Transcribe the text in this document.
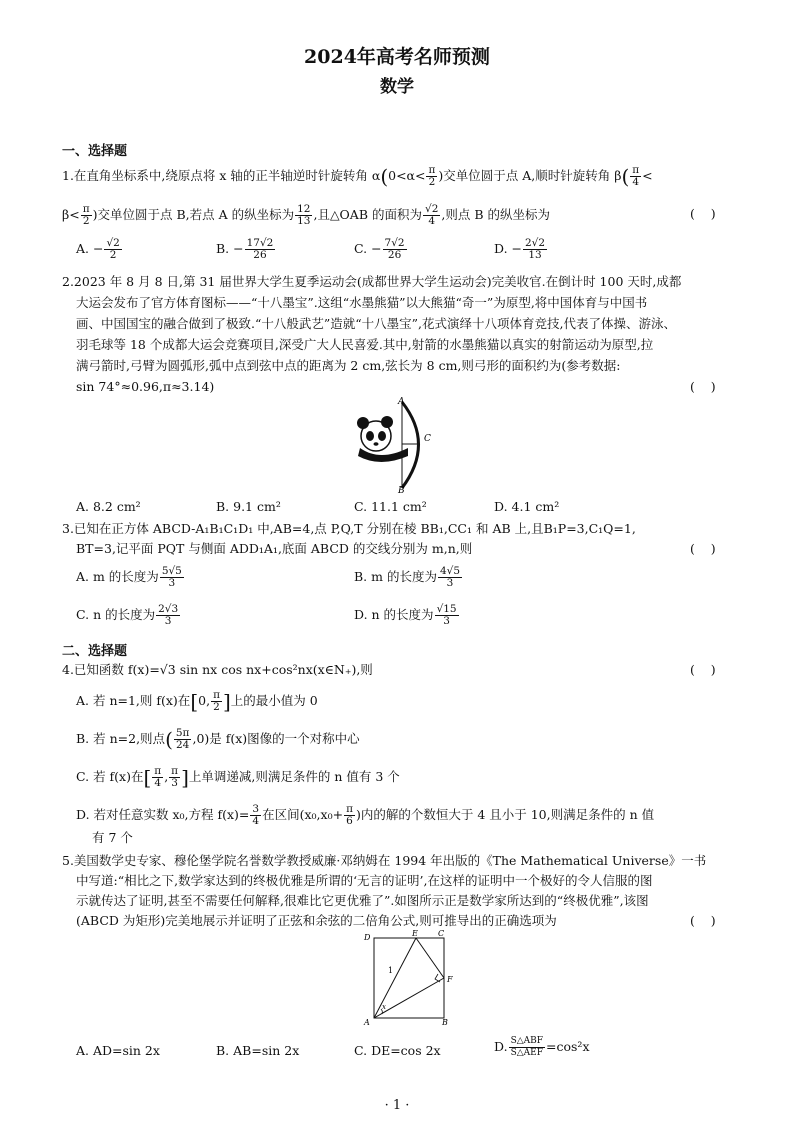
2024年高考名师预测
数学
一、选择题
1.在直角坐标系中,绕原点将 x 轴的正半轴逆时针旋转角 $\alpha(0<\alpha< \frac{\pi}{2}$ )交单位圆于点 A,顺时针旋转角 $\beta( \frac{\pi}{4}$ <
$\beta< \frac{\pi}{2}$ )交单位圆于点 B,若点 A 的纵坐标为 $\frac{12}{13}$ ,且△OAB 的面积为 $\frac{√2}{4}$ ,则点 B 的纵坐标为	(    )
A. − $\frac{√2}{2}$	B. − $\frac{17√2}{26}$	C. − $\frac{7√2}{26}$	D. − $\frac{2√2}{13}$
2.2023 年 8 月 8 日,第 31 届世界大学生夏季运动会(成都世界大学生运动会)完美收官.在倒计时 100 天时,成都
大运会发布了官方体育图标——“十八墨宝”.这组“水墨熊猫”以大熊猫“奇一”为原型,将中国体育与中国书
画、中国国宝的融合做到了极致.“十八般武艺”造就“十八墨宝”,花式演绎十八项体育竞技,代表了体操、游泳、
羽毛球等 18 个成都大运会竞赛项目,深受广大人民喜爱.其中,射箭的水墨熊猫以真实的射箭运动为原型,拉
满弓箭时,弓臂为圆弧形,弧中点到弦中点的距离为 2 cm,弦长为 8 cm,则弓形的面积约为(参考数据:
sin 74°≈0.96,π≈3.14)	(    )
A
C
B
A. 8.2 cm²	B. 9.1 cm²	C. 11.1 cm²	D. 4.1 cm²
3.已知在正方体 ABCD-A₁B₁C₁D₁ 中,AB=4,点 P,Q,T 分别在棱 BB₁,CC₁ 和 AB 上,且B₁P=3,C₁Q=1,
BT=3,记平面 PQT 与侧面 ADD₁A₁,底面 ABCD 的交线分别为 m,n,则	(    )
A. m 的长度为 $\frac{5√5}{3}$	B. m 的长度为 $\frac{4√5}{3}$
C. n 的长度为 $\frac{2√3}{3}$	D. n 的长度为 $\frac{√15}{3}$
二、选择题
4.已知函数 f(x)=√3 sin nx cos nx+cos²nx(x∈N₊),则	(    )
A. 若 n=1,则 f(x)在[0, $\frac{\pi}{2}$ ]上的最小值为 0
B. 若 n=2,则点( $\frac{5\pi}{24} ,0$)是 f(x)图像的一个对称中心
C. 若 f(x)在[ $\frac{\pi}{4}$ , $\frac{\pi}{3}$ ]上单调递减,则满足条件的 n 值有 3 个
D. 若对任意实数 x₀,方程 $f(x)= \frac{3}{4}$ 在区间($x_0,x_0+ \frac{\pi}{6}$ )内的解的个数恒大于 4 且小于 10,则满足条件的 n 值
有 7 个
5.美国数学史专家、穆伦堡学院名誉数学教授威廉·邓纳姆在 1994 年出版的《The Mathematical Universe》一书
中写道:“相比之下,数学家达到的终极优雅是所谓的‘无言的证明’,在这样的证明中一个极好的令人信服的图
示就传达了证明,甚至不需要任何解释,很难比它更优雅了”.如图所示正是数学家所达到的“终极优雅”,该图
(ABCD 为矩形)完美地展示并证明了正弦和余弦的二倍角公式,则可推导出的正确选项为	(    )
D	E	C
F
A	B
1
x
A. AD=sin 2x	B. AB=sin 2x	C. DE=cos 2x	D. $\frac{\text{S△ABF}}{\text{S△AEF}} =\cos^2x$
· 1 ·
